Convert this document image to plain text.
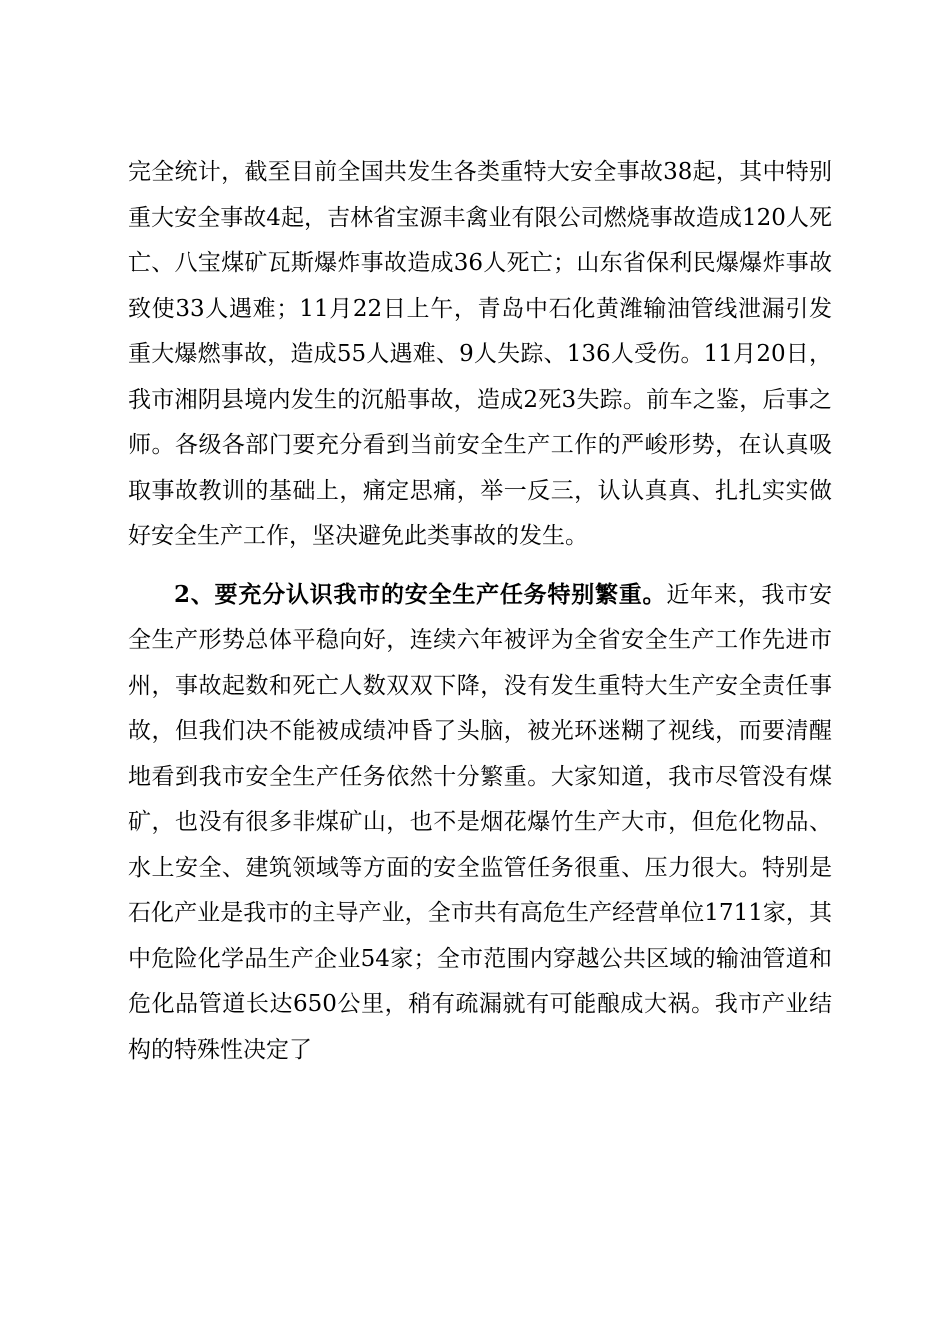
完全统计，截至目前全国共发生各类重特大安全事故38起，其中特别重大安全事故4起，吉林省宝源丰禽业有限公司燃烧事故造成120人死亡、八宝煤矿瓦斯爆炸事故造成36人死亡；山东省保利民爆爆炸事故致使33人遇难；11月22日上午，青岛中石化黄潍输油管线泄漏引发重大爆燃事故，造成55人遇难、9人失踪、136人受伤。11月20日，我市湘阴县境内发生的沉船事故，造成2死3失踪。前车之鉴，后事之师。各级各部门要充分看到当前安全生产工作的严峻形势，在认真吸取事故教训的基础上，痛定思痛，举一反三，认认真真、扎扎实实做好安全生产工作，坚决避免此类事故的发生。

2、要充分认识我市的安全生产任务特别繁重。近年来，我市安全生产形势总体平稳向好，连续六年被评为全省安全生产工作先进市州，事故起数和死亡人数双双下降，没有发生重特大生产安全责任事故，但我们决不能被成绩冲昏了头脑，被光环迷糊了视线，而要清醒地看到我市安全生产任务依然十分繁重。大家知道，我市尽管没有煤矿，也没有很多非煤矿山，也不是烟花爆竹生产大市，但危化物品、水上安全、建筑领域等方面的安全监管任务很重、压力很大。特别是石化产业是我市的主导产业，全市共有高危生产经营单位1711家，其中危险化学品生产企业54家；全市范围内穿越公共区域的输油管道和危化品管道长达650公里，稍有疏漏就有可能酿成大祸。我市产业结构的特殊性决定了
